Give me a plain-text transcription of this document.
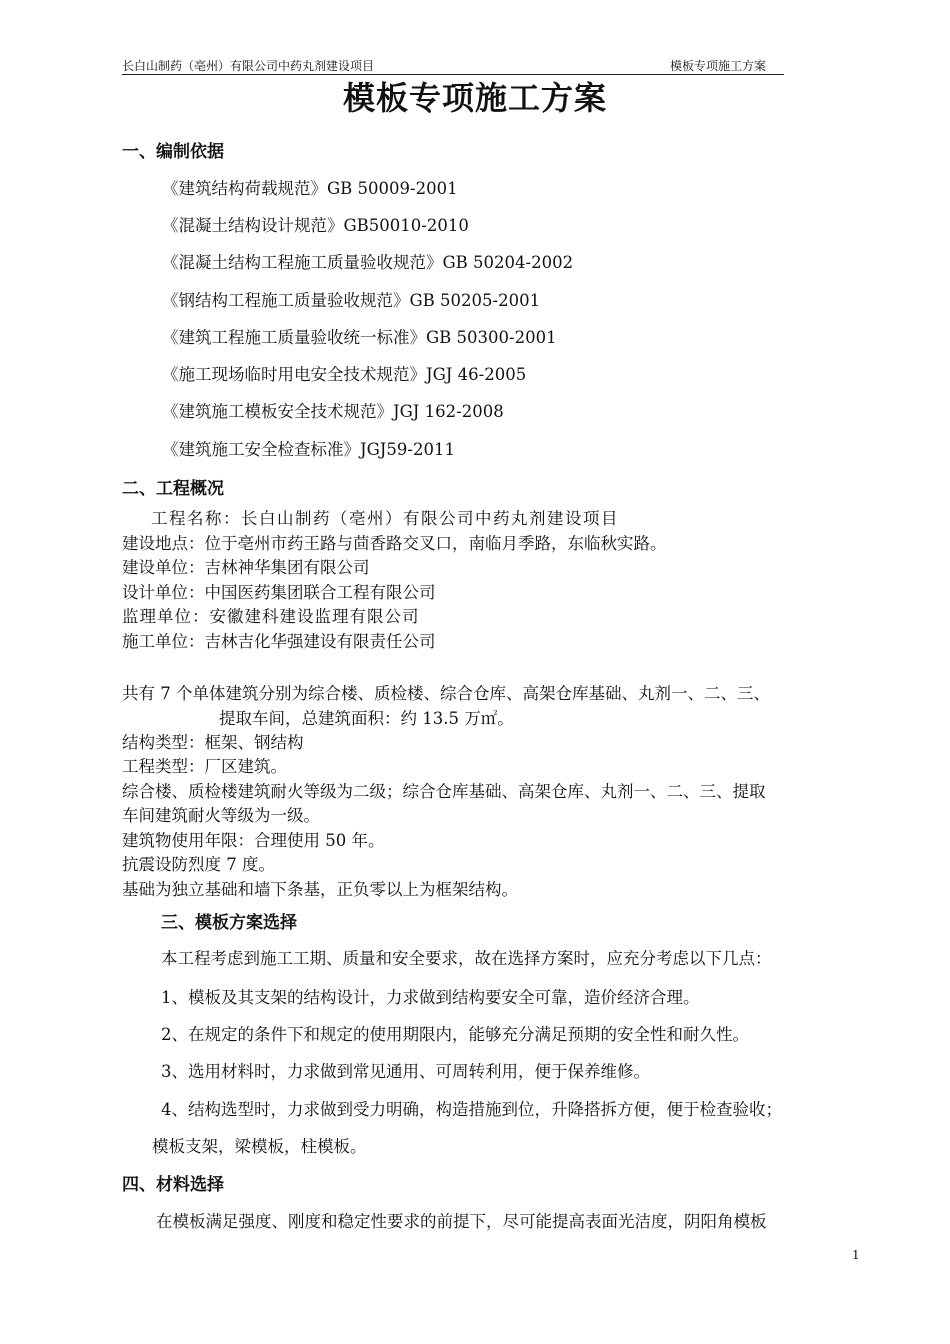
长白山制药（亳州）有限公司中药丸剂建设项目	模板专项施工方案
模板专项施工方案
一、编制依据
《建筑结构荷载规范》GB 50009-2001
《混凝土结构设计规范》GB50010-2010
《混凝土结构工程施工质量验收规范》GB 50204-2002
《钢结构工程施工质量验收规范》GB 50205-2001
《建筑工程施工质量验收统一标准》GB 50300-2001
《施工现场临时用电安全技术规范》JGJ 46-2005
《建筑施工模板安全技术规范》JGJ 162-2008
《建筑施工安全检查标准》JGJ59-2011
二、工程概况
工程名称：长白山制药（亳州）有限公司中药丸剂建设项目
建设地点：位于亳州市药王路与茴香路交叉口，南临月季路，东临秋实路。
建设单位：吉林神华集团有限公司
设计单位：中国医药集团联合工程有限公司
监理单位：安徽建科建设监理有限公司
施工单位：吉林吉化华强建设有限责任公司
共有 7 个单体建筑分别为综合楼、质检楼、综合仓库、高架仓库基础、丸剂一、二、三、
提取车间，总建筑面积：约 13.5 万㎡。
结构类型：框架、钢结构
工程类型：厂区建筑。
综合楼、质检楼建筑耐火等级为二级；综合仓库基础、高架仓库、丸剂一、二、三、提取
车间建筑耐火等级为一级。
建筑物使用年限：合理使用 50 年。
抗震设防烈度 7 度。
基础为独立基础和墙下条基，正负零以上为框架结构。
三、模板方案选择
本工程考虑到施工工期、质量和安全要求，故在选择方案时，应充分考虑以下几点：
1、模板及其支架的结构设计，力求做到结构要安全可靠，造价经济合理。
2、在规定的条件下和规定的使用期限内，能够充分满足预期的安全性和耐久性。
3、选用材料时，力求做到常见通用、可周转利用，便于保养维修。
4、结构选型时，力求做到受力明确，构造措施到位，升降搭拆方便，便于检查验收；
模板支架，梁模板，柱模板。
四、材料选择
在模板满足强度、刚度和稳定性要求的前提下，尽可能提高表面光洁度，阴阳角模板
1
